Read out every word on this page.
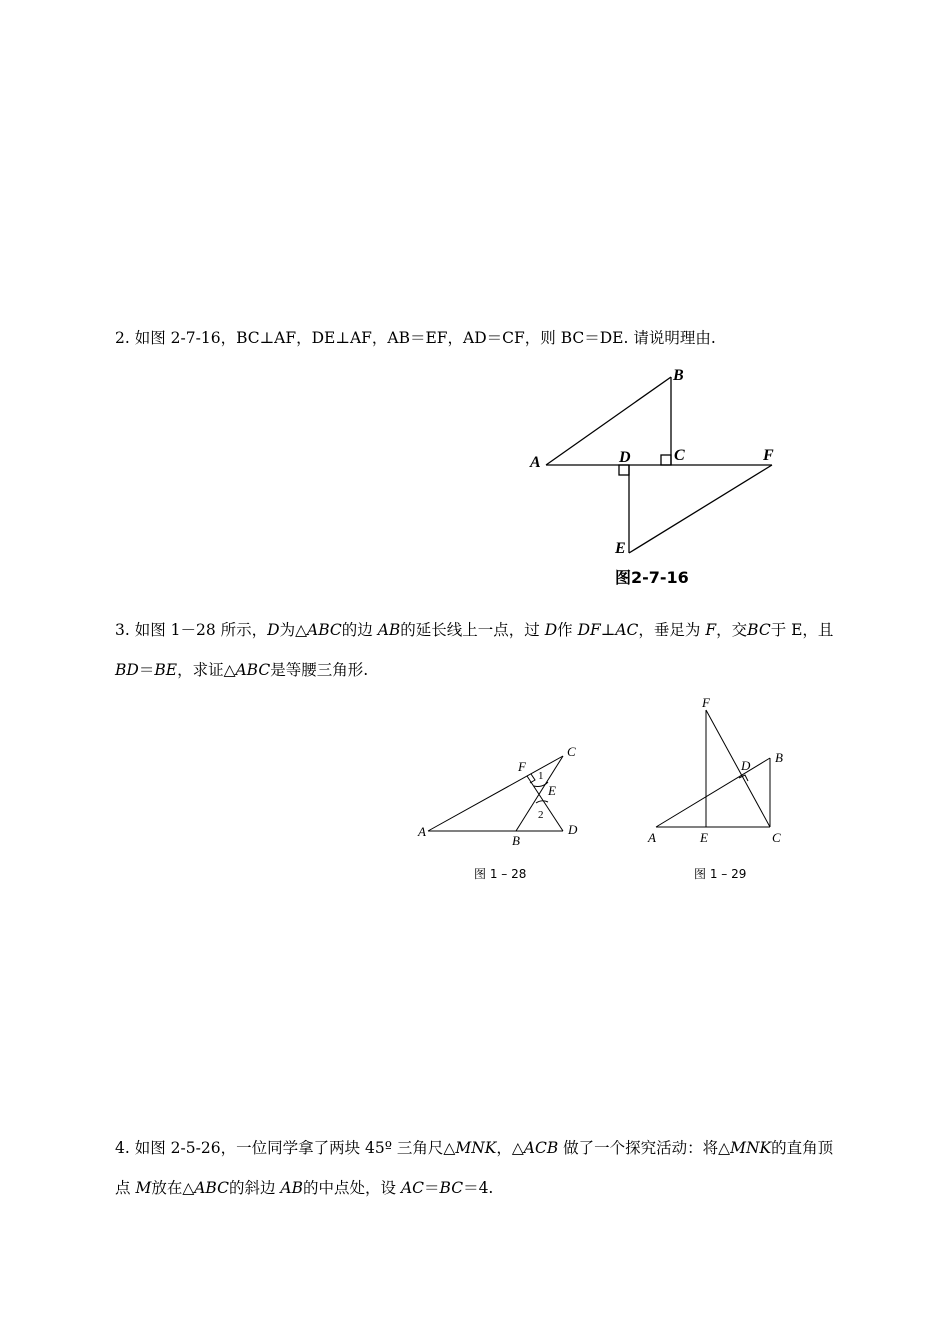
2. 如图 2-7-16，BC⊥AF，DE⊥AF，AB＝EF，AD＝CF，则 BC＝DE. 请说明理由.
A
B
C
D
E
F
图2-7-16
A
B
C
D
E
F
1
2
图 1 – 28
A
B
C
D
E
F
图 1 – 29
3. 如图 1－28 所示，D为△ABC的边 AB的延长线上一点，过 D作 DF⊥AC，垂足为 F，交BC于 E，且
BD＝BE，求证△ABC是等腰三角形.
4. 如图 2-5-26，一位同学拿了两块 45º 三角尺△MNK，△ACB 做了一个探究活动：将△MNK的直角顶
点 M放在△ABC的斜边 AB的中点处，设 AC＝BC＝4.
